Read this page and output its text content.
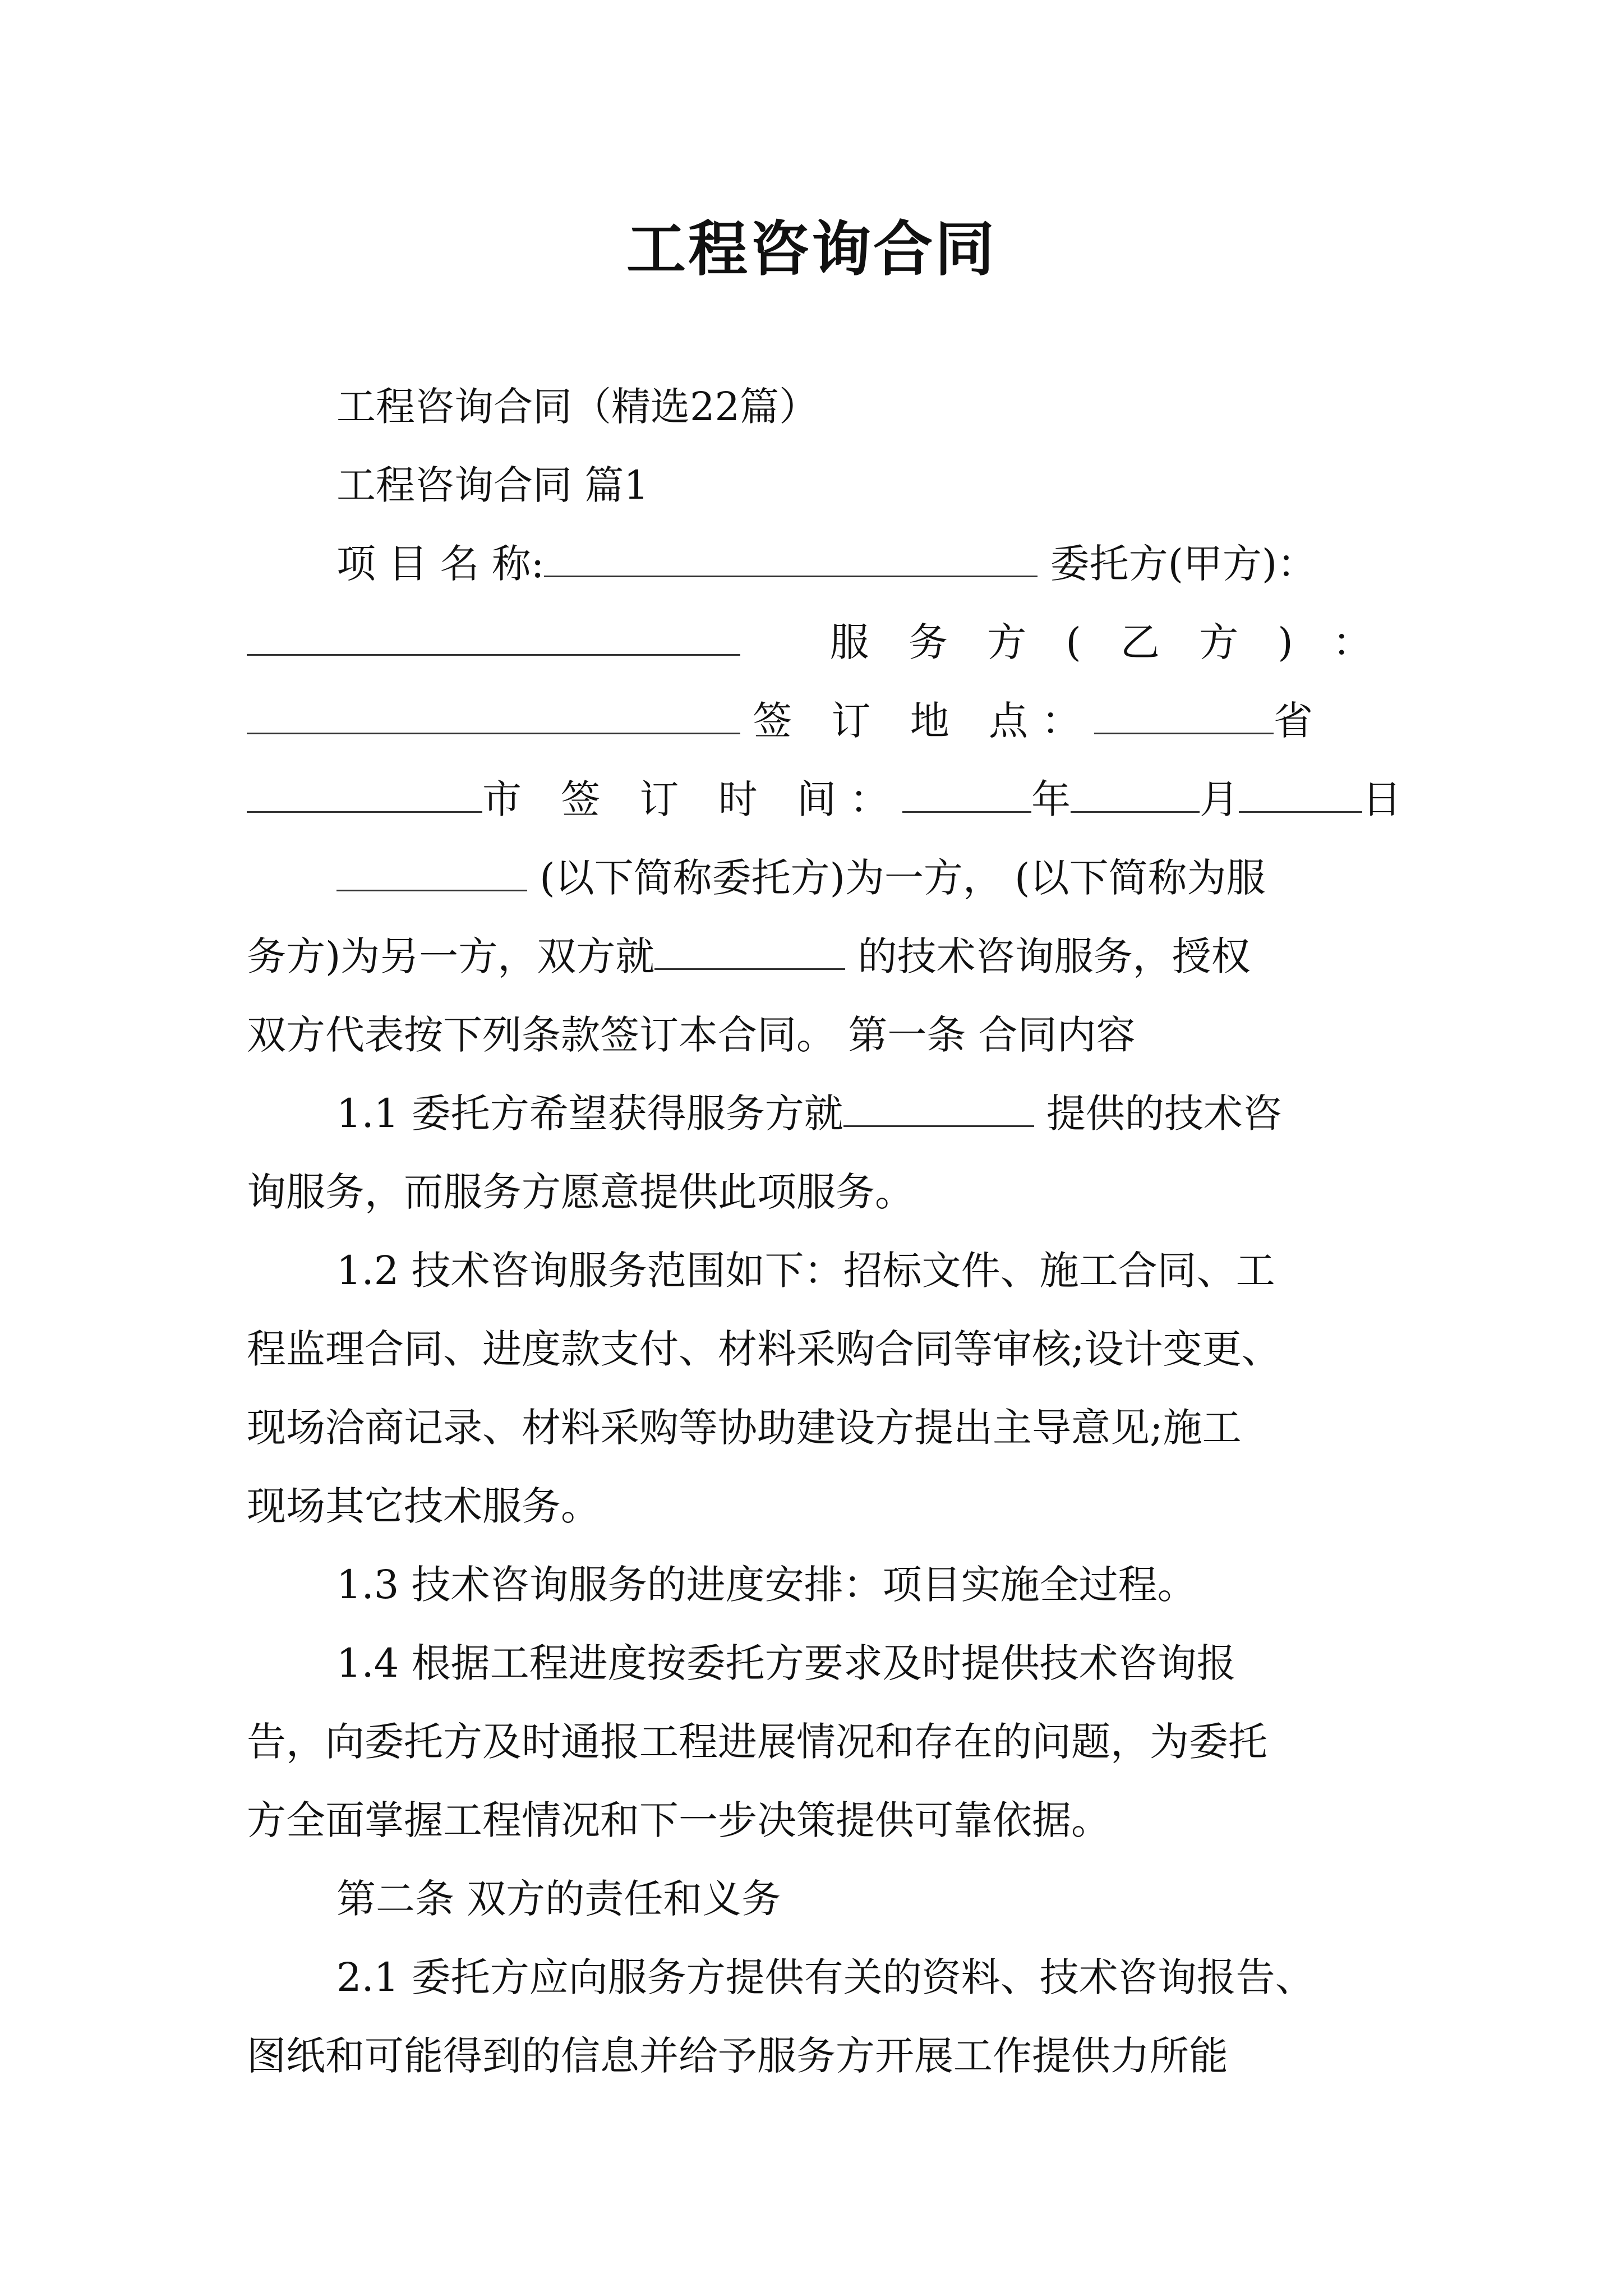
工程咨询合同
工程咨询合同（精选22篇）
工程咨询合同 篇1
项 目 名 称:	委托方(甲方)：
服 务 方 ( 乙 方 ) ：
签 订 地 点：	省
市 签 订 时 间：	年	月	日
(以下简称委托方)为一方， (以下简称为服
务方)为另一方，双方就	的技术咨询服务，授权
双方代表按下列条款签订本合同。 第一条 合同内容
1.1 委托方希望获得服务方就	提供的技术咨
询服务，而服务方愿意提供此项服务。
1.2 技术咨询服务范围如下：招标文件、施工合同、工
程监理合同、进度款支付、材料采购合同等审核;设计变更、
现场洽商记录、材料采购等协助建设方提出主导意见;施工
现场其它技术服务。
1.3 技术咨询服务的进度安排：项目实施全过程。
1.4 根据工程进度按委托方要求及时提供技术咨询报
告，向委托方及时通报工程进展情况和存在的问题，为委托
方全面掌握工程情况和下一步决策提供可靠依据。
第二条 双方的责任和义务
2.1 委托方应向服务方提供有关的资料、技术咨询报告、
图纸和可能得到的信息并给予服务方开展工作提供力所能
